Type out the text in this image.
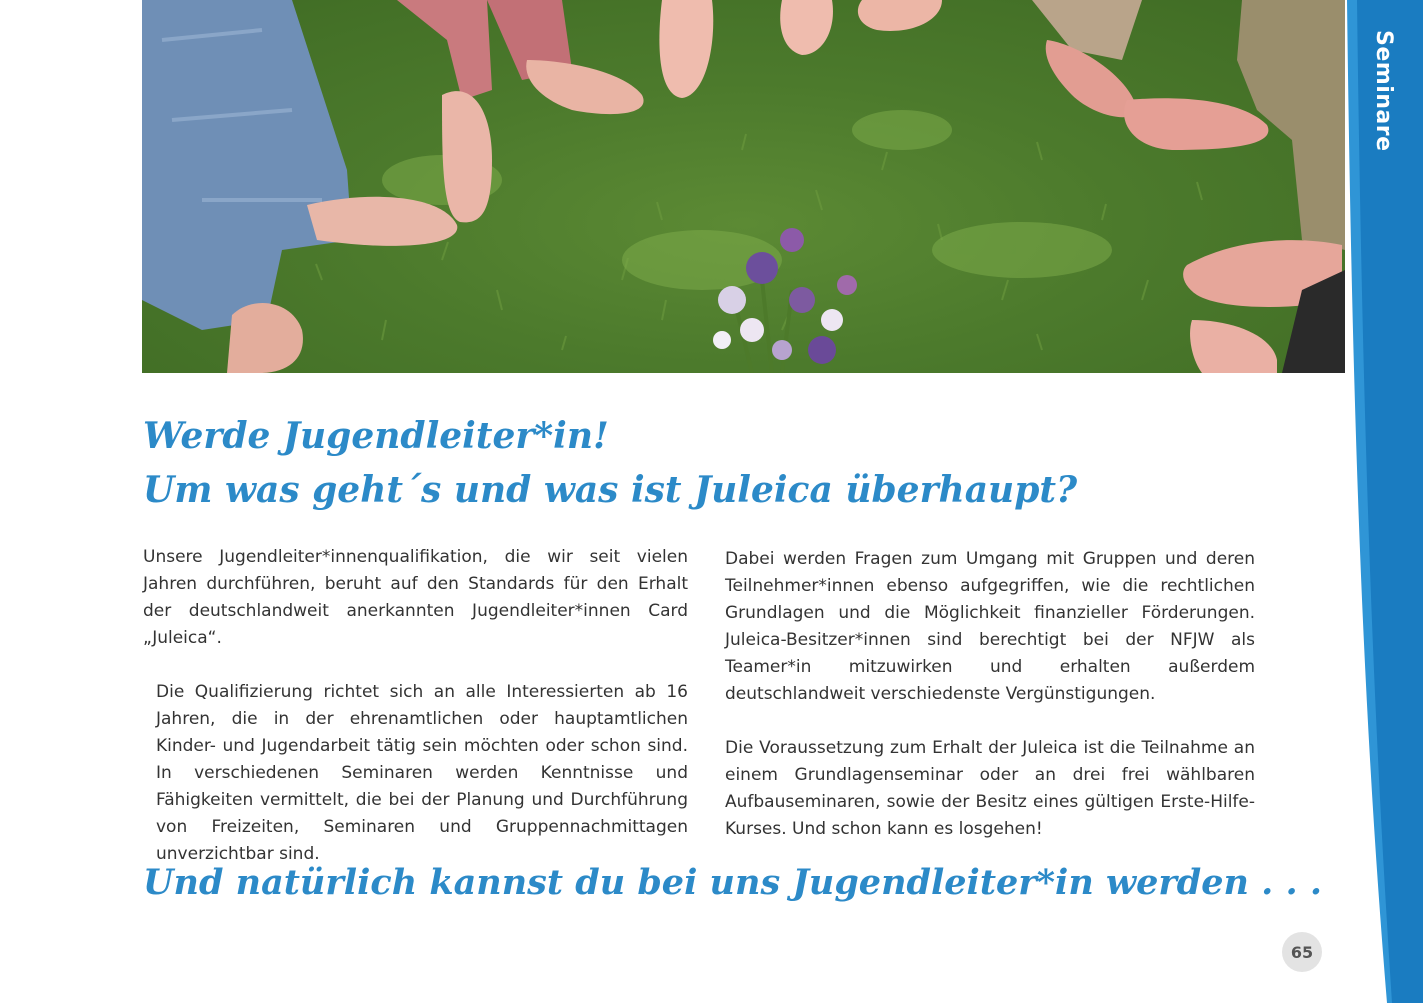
Seminare
Werde Jugendleiter*in!
Um was geht´s und was ist Juleica überhaupt?

Unsere Jugendleiter*innenqualifikation, die wir seit vielen Jahren durchführen, beruht auf den Standards für den Erhalt der deutschlandweit anerkannten Jugendleiter*innen Card „Juleica“.

Die Qualifizierung richtet sich an alle Interessierten ab 16 Jahren, die in der ehrenamtlichen oder hauptamtlichen Kinder- und Jugendarbeit tätig sein möchten oder schon sind. In verschiedenen Seminaren werden Kenntnisse und Fähigkeiten vermittelt, die bei der Planung und Durchführung von Freizeiten, Seminaren und Gruppennachmittagen unverzichtbar sind.

Dabei werden Fragen zum Umgang mit Gruppen und deren Teilnehmer*innen ebenso aufgegriffen, wie die rechtlichen Grundlagen und die Möglichkeit finanzieller Förderungen. Juleica-Besitzer*innen sind berechtigt bei der NFJW als Teamer*in mitzuwirken und erhalten außerdem deutschlandweit verschiedenste Vergünstigungen.

Die Voraussetzung zum Erhalt der Juleica ist die Teilnahme an einem Grundlagenseminar oder an drei frei wählbaren Aufbauseminaren, sowie der Besitz eines gültigen Erste-Hilfe-Kurses. Und schon kann es losgehen!

Und natürlich kannst du bei uns Jugendleiter*in werden . . .
65
